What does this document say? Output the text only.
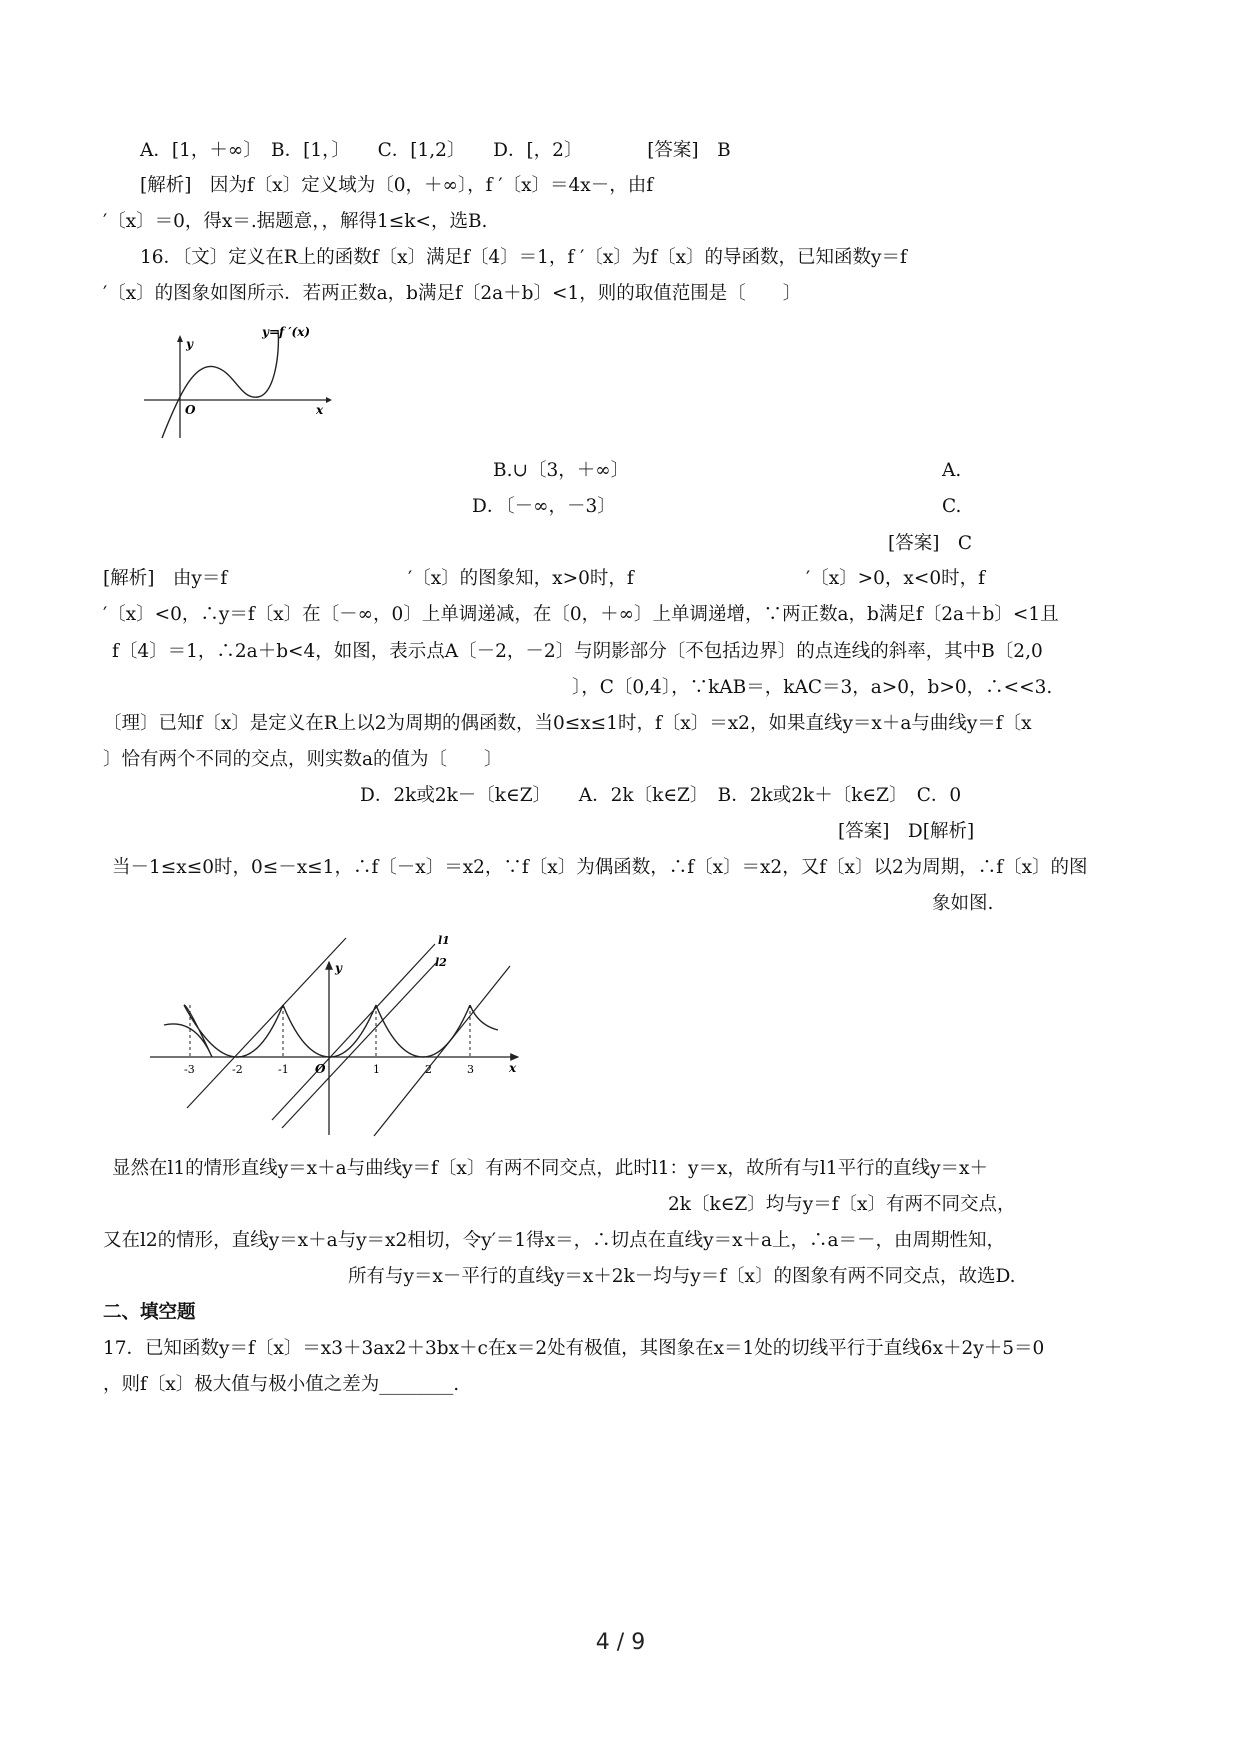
A．[1，＋∞〕　B．[1，〕　　C．[1,2〕　　D．[，2〕　　　　[答案]　B
[解析]　因为f〔x〕定义域为〔0，＋∞〕，f ′〔x〕＝4x－，由f
′〔x〕＝0，得x＝.据题意，，解得1≤k<，选B.
16．〔文〕定义在R上的函数f〔x〕满足f〔4〕＝1，f ′〔x〕为f〔x〕的导函数，已知函数y＝f
′〔x〕的图象如图所示．若两正数a，b满足f〔2a＋b〕<1，则的取值范围是〔　　〕
y=f ′(x)
y
O	x
B.∪〔3，＋∞〕	A.
D．〔－∞，－3〕	C.
[答案]　C
[解析]　由y＝f	′〔x〕的图象知，x>0时，f	′〔x〕>0，x<0时，f
′〔x〕<0，∴y＝f〔x〕在〔－∞，0〕上单调递减，在〔0，＋∞〕上单调递增，∵两正数a，b满足f〔2a＋b〕<1且
f〔4〕＝1，∴2a＋b<4，如图，表示点A〔－2，－2〕与阴影部分〔不包括边界〕的点连线的斜率，其中B〔2,0
〕，C〔0,4〕，∵kAB＝，kAC＝3，a>0，b>0，∴<<3.
〔理〕已知f〔x〕是定义在R上以2为周期的偶函数，当0≤x≤1时，f〔x〕＝x2，如果直线y＝x＋a与曲线y＝f〔x
〕恰有两个不同的交点，则实数a的值为〔　　〕
D．2k或2k－〔k∈Z〕　　A．2k〔k∈Z〕　B．2k或2k＋〔k∈Z〕　C．0
[答案]　D[解析]
当－1≤x≤0时，0≤－x≤1，∴f〔－x〕＝x2，∵f〔x〕为偶函数，∴f〔x〕＝x2，又f〔x〕以2为周期，∴f〔x〕的图
象如图.
y
O	x
l1
l2
-3	-2	-1	1	2	3
显然在l1的情形直线y＝x＋a与曲线y＝f〔x〕有两不同交点，此时l1：y＝x，故所有与l1平行的直线y＝x＋
2k〔k∈Z〕均与y＝f〔x〕有两不同交点，
又在l2的情形，直线y＝x＋a与y＝x2相切，令y′＝1得x＝，∴切点在直线y＝x＋a上，∴a＝－，由周期性知，
所有与y＝x－平行的直线y＝x＋2k－均与y＝f〔x〕的图象有两不同交点，故选D.
二、填空题
17．已知函数y＝f〔x〕＝x3＋3ax2＋3bx＋c在x＝2处有极值，其图象在x＝1处的切线平行于直线6x＋2y＋5＝0
，则f〔x〕极大值与极小值之差为________.
4 / 9
